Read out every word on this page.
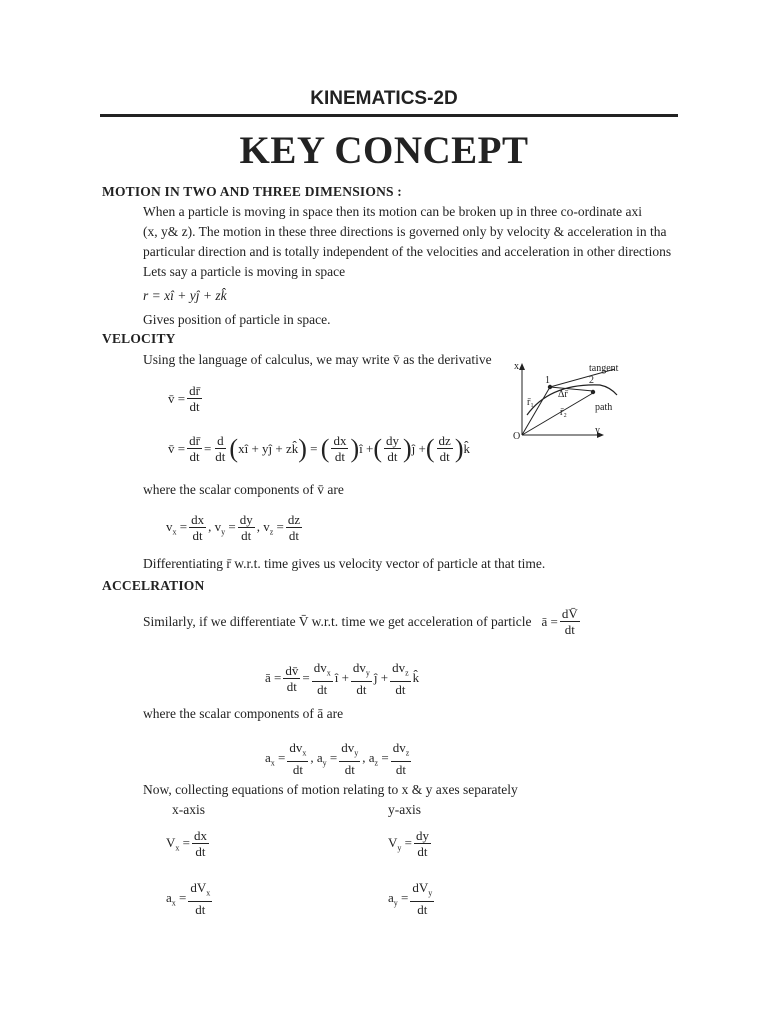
KINEMATICS-2D
KEY CONCEPT
MOTION IN TWO AND THREE DIMENSIONS :
When a particle is moving in space then its motion can be broken up in three co-ordinate axi
(x, y& z). The motion in these three directions is governed only by velocity & acceleration in tha
particular direction and is totally independent of the velocities and acceleration in other directions
Lets say a particle is moving in space
r = xî + yĵ + zk̂
Gives position of particle in space.
VELOCITY
Using the language of calculus, we may write v̄ as the derivative
v̄ = $\frac{dr̄}{dt}$
v̄ = $\frac{dr̄}{dt} = \frac{d}{dt}$ ( xî + yĵ + zk̂ ) = ( $\frac{dx}{dt}$ ) î + ( $\frac{dy}{dt}$ ) ĵ + ( $\frac{dz}{dt}$ ) k̂
where the scalar components of v̄ are
$v_x = \frac{dx}{dt}$ , $v_y = \frac{dy}{dt}$ , $v_z = \frac{dz}{dt}$
Differentiating r̄ w.r.t. time gives us velocity vector of particle at that time.
x	tangent
1	2
Δr̄
r̄₁
r̄₂	path
O
y
ACCELRATION
Similarly, if we differentiate V̄ w.r.t. time we get acceleration of particle ā = $\frac{dV̄}{dt}$
ā = $\frac{dv̄}{dt} = \frac{dv_x}{dt}$ î + $\frac{dv_y}{dt}$ ĵ + $\frac{dv_z}{dt}$ k̂
where the scalar components of ā are
$a_x = \frac{dv_x}{dt}$ , $a_y = \frac{dv_y}{dt}$ , $a_z = \frac{dv_z}{dt}$
Now, collecting equations of motion relating to x & y axes separately
x-axis	y-axis
$V_x = \frac{dx}{dt}$	$V_y = \frac{dy}{dt}$
$a_x = \frac{dV_x}{dt}$	$a_y = \frac{dV_y}{dt}$
